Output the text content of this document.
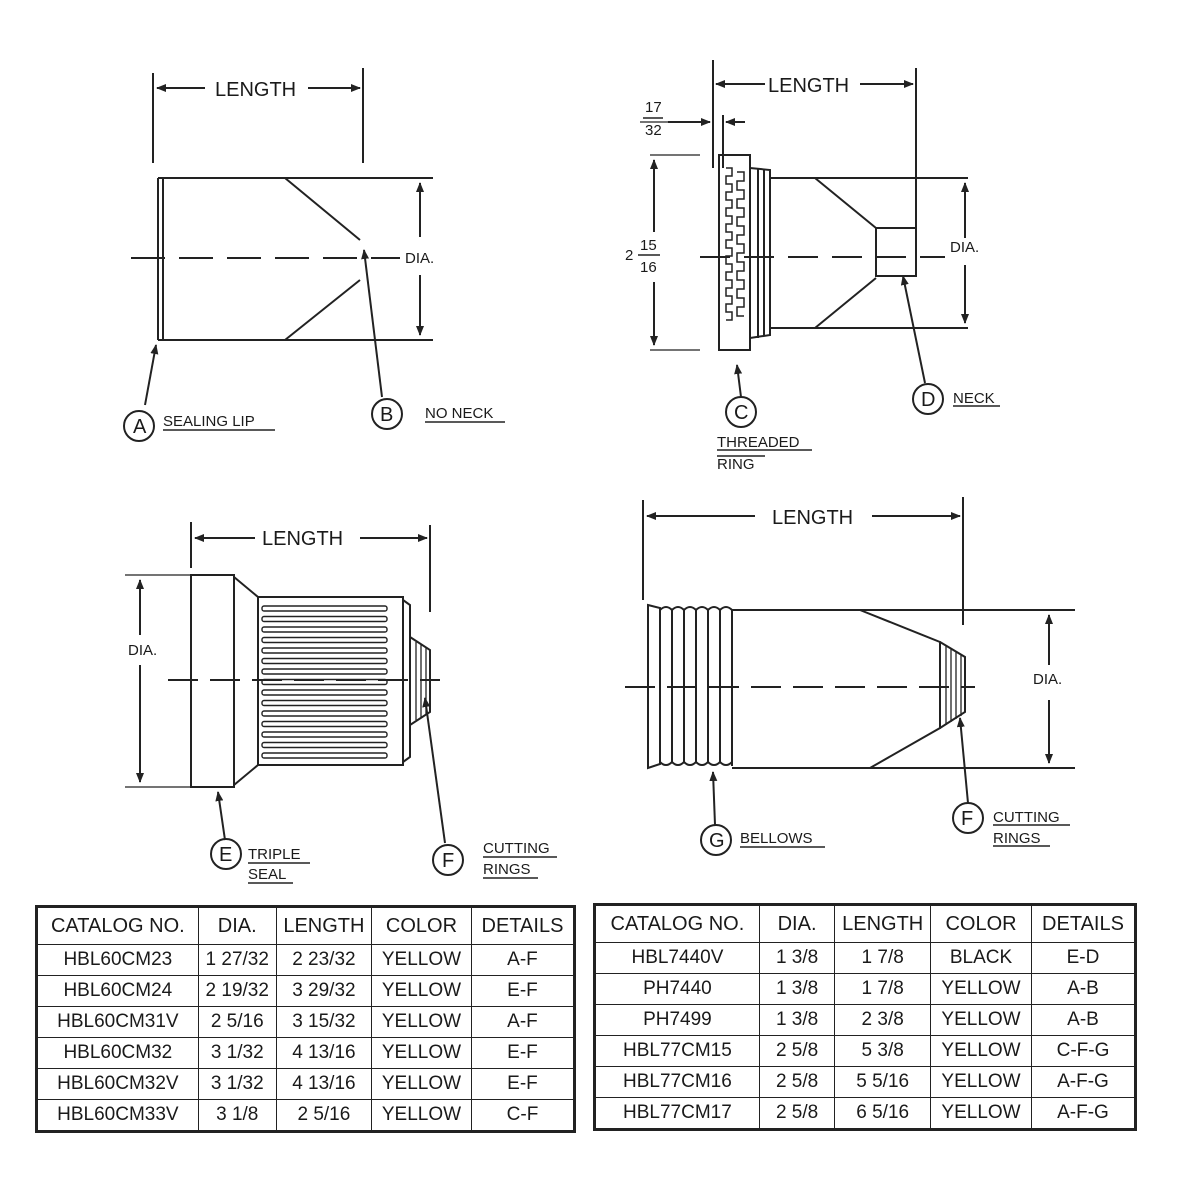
LENGTH
DIA.
A SEALING LIP	B NO NECK
17
32
LENGTH
2
15
16
DIA.
C
THREADED
RING
D NECK
LENGTH
DIA.
E TRIPLE
SEAL
F
CUTTING
RINGS
LENGTH
DIA.
G BELLOWS
F CUTTING
RINGS
CATALOG NO.	DIA.	LENGTH	COLOR	DETAILS
HBL60CM23	1 27/32	2 23/32	YELLOW	A-F
HBL60CM24	2 19/32	3 29/32	YELLOW	E-F
HBL60CM31V	2 5/16	3 15/32	YELLOW	A-F
HBL60CM32	3 1/32	4 13/16	YELLOW	E-F
HBL60CM32V	3 1/32	4 13/16	YELLOW	E-F
HBL60CM33V	3 1/8	2 5/16	YELLOW	C-F
CATALOG NO.	DIA.	LENGTH	COLOR	DETAILS
HBL7440V	1 3/8	1 7/8	BLACK	E-D
PH7440	1 3/8	1 7/8	YELLOW	A-B
PH7499	1 3/8	2 3/8	YELLOW	A-B
HBL77CM15	2 5/8	5 3/8	YELLOW	C-F-G
HBL77CM16	2 5/8	5 5/16	YELLOW	A-F-G
HBL77CM17	2 5/8	6 5/16	YELLOW	A-F-G
